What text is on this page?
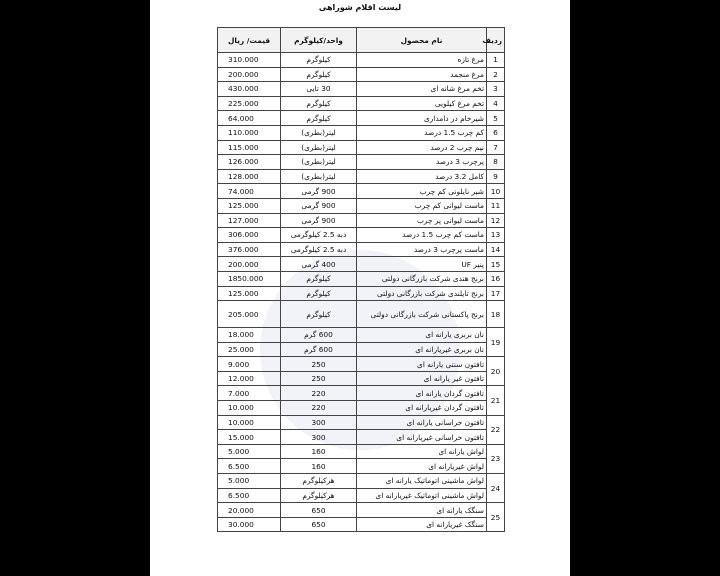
لیست اقلام شوراهی
ردیف	نام محصول	واحد/کیلوگرم	قیمت/ ریال
1	مرغ تازه	کیلوگرم	310.000
2	مرغ منجمد	کیلوگرم	200.000
3	تخم مرغ شانه ای	30 تایی	430.000
4	تخم مرغ کیلویی	کیلوگرم	225.000
5	شیرخام در دامداری	کیلوگرم	64.000
6	کم چرب 1.5 درصد	لیتر(بطری)	110.000
7	نیم چرب 2 درصد	لیتر(بطری)	115.000
8	پرچرب 3 درصد	لیتر(بطری)	126.000
9	کامل 3.2 درصد	لیتر(بطری)	128.000
10	شیر نایلونی کم چرب	900 گرمی	74.000
11	ماست لیوانی کم چرب	900 گرمی	125.000
12	ماست لیوانی پر چرب	900 گرمی	127.000
13	ماست کم چرب 1.5 درصد	دبه 2.5 کیلوگرمی	306.000
14	ماست پرچرب 3 درصد	دبه 2.5 کیلوگرمی	376.000
15	پنیر UF	400 گرمی	200.000
16	برنج هندی شرکت بازرگانی دولتی	کیلوگرم	1850.000
17	برنج تایلندی شرکت بازرگانی دولتی	کیلوگرم	125.000
18	برنج پاکستانی شرکت بازرگانی دولتی	کیلوگرم	205.000
19	نان بربری یارانه ای	600 گرم	18.000
	نان بربری غیریارانه ای	600 گرم	25.000
20	تافتون سنتی یارانه ای	250	9.000
	تافتون غیر یارانه ای	250	12.000
21	تافتون گردان یارانه ای	220	7.000
	تافتون گردان غیریارانه ای	220	10.000
22	تافتون خراسانی یارانه ای	300	10.000
	تافتون خراسانی غیریارانه ای	300	15.000
23	لواش یارانه ای	160	5.000
	لواش غیریارانه ای	160	6.500
24	لواش ماشینی اتوماتیک یارانه ای	هرکیلوگرم	5.000
	لواش ماشینی اتوماتیک غیریارانه ای	هرکیلوگرم	6.500
25	سنگک یارانه ای	650	20.000
	سنگک غیریارانه ای	650	30.000
